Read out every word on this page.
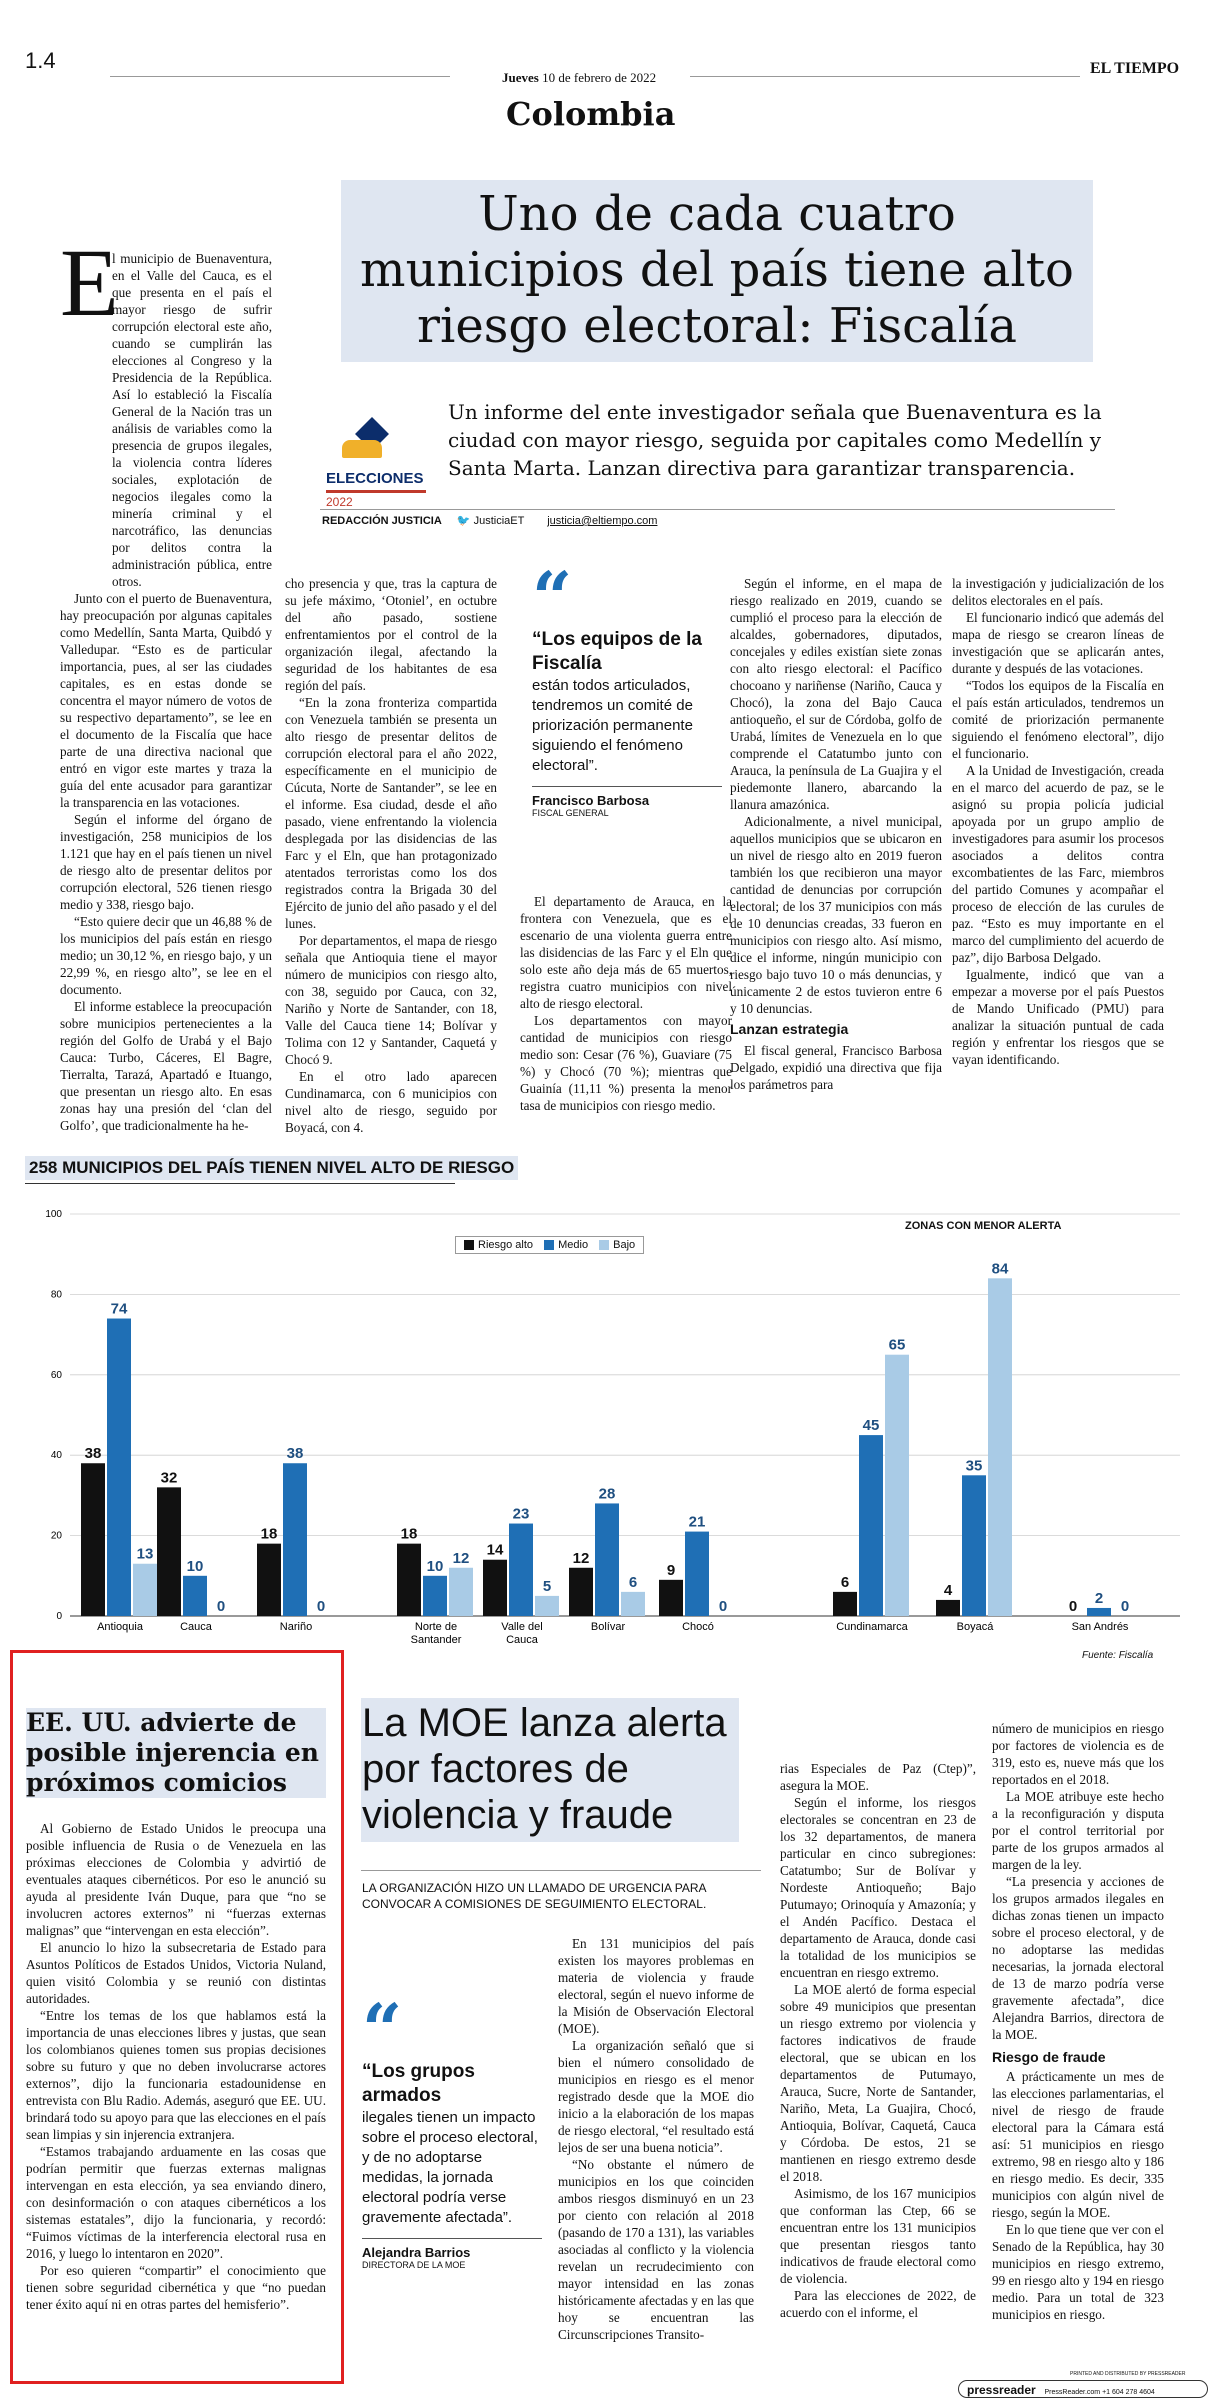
1.4
Jueves 10 de febrero de 2022
EL TIEMPO
Colombia
Uno de cada cuatro municipios del país tiene alto riesgo electoral: Fiscalía
E

l municipio de Buenaventura, en el Valle del Cauca, es el que presenta en el país el mayor riesgo de sufrir corrupción electoral este año, cuando se cumplirán las elecciones al Congreso y la Presidencia de la República. Así lo estableció la Fiscalía General de la Nación tras un análisis de variables como la presencia de grupos ilegales, la violencia contra líderes sociales, explotación de negocios ilegales como la minería criminal y el narcotráfico, las denuncias por delitos contra la administración pública, entre otros.

Junto con el puerto de Buenaventura, hay preocupación por algunas capitales como Medellín, Santa Marta, Quibdó y Valledupar. “Esto es de particular importancia, pues, al ser las ciudades capitales, es en estas donde se concentra el mayor número de votos de su respectivo departamento”, se lee en el documento de la Fiscalía que hace parte de una directiva nacional que entró en vigor este martes y traza la guía del ente acusador para garantizar la transparencia en las votaciones.

Según el informe del órgano de investigación, 258 municipios de los 1.121 que hay en el país tienen un nivel de riesgo alto de presentar delitos por corrupción electoral, 526 tienen riesgo medio y 338, riesgo bajo.

“Esto quiere decir que un 46,88 % de los municipios del país están en riesgo medio; un 30,12 %, en riesgo bajo, y un 22,99 %, en riesgo alto”, se lee en el documento.

El informe establece la preocupación sobre municipios pertenecientes a la región del Golfo de Urabá y el Bajo Cauca: Turbo, Cáceres, El Bagre, Tierralta, Tarazá, Apartadó e Ituango, que presentan un riesgo alto. En esas zonas hay una presión del ‘clan del Golfo’, que tradicionalmente ha he-

ELECCIONES
2022
Un informe del ente investigador señala que Buenaventura es la ciudad con mayor riesgo, seguida por capitales como Medellín y Santa Marta. Lanzan directiva para garantizar transparencia.
REDACCIÓN JUSTICIA 🐦 JusticiaET justicia@eltiempo.com

cho presencia y que, tras la captura de su jefe máximo, ‘Otoniel’, en octubre del año pasado, sostiene enfrentamientos por el control de la organización ilegal, afectando la seguridad de los habitantes de esa región del país.

“En la zona fronteriza compartida con Venezuela también se presenta un alto riesgo de presentar delitos de corrupción electoral para el año 2022, específicamente en el municipio de Cúcuta, Norte de Santander”, se lee en el informe. Esa ciudad, desde el año pasado, viene enfrentando la violencia desplegada por las disidencias de las Farc y el Eln, que han protagonizado atentados terroristas como los dos registrados contra la Brigada 30 del Ejército de junio del año pasado y el del lunes.

Por departamentos, el mapa de riesgo señala que Antioquia tiene el mayor número de municipios con riesgo alto, con 38, seguido por Cauca, con 32, Nariño y Norte de Santander, con 18, Valle del Cauca tiene 14; Bolívar y Tolima con 12 y Santander, Caquetá y Chocó 9.

En el otro lado aparecen Cundinamarca, con 6 municipios con nivel alto de riesgo, seguido por Boyacá, con 4.

“
“Los equipos de la Fiscalía
están todos articulados, tendremos un comité de priorización permanente siguiendo el fenómeno electoral”.
Francisco Barbosa
FISCAL GENERAL

El departamento de Arauca, en la frontera con Venezuela, que es el escenario de una violenta guerra entre las disidencias de las Farc y el Eln que solo este año deja más de 65 muertos, registra cuatro municipios con nivel alto de riesgo electoral.

Los departamentos con mayor cantidad de municipios con riesgo medio son: Cesar (76 %), Guaviare (75 %) y Chocó (70 %); mientras que Guainía (11,11 %) presenta la menor tasa de municipios con riesgo medio.

Según el informe, en el mapa de riesgo realizado en 2019, cuando se cumplió el proceso para la elección de alcaldes, gobernadores, diputados, concejales y ediles existían siete zonas con alto riesgo electoral: el Pacífico chocoano y nariñense (Nariño, Cauca y Chocó), la zona del Bajo Cauca antioqueño, el sur de Córdoba, golfo de Urabá, límites de Venezuela en lo que comprende el Catatumbo junto con Arauca, la península de La Guajira y el piedemonte llanero, abarcando la llanura amazónica.

Adicionalmente, a nivel municipal, aquellos municipios que se ubicaron en un nivel de riesgo alto en 2019 fueron también los que recibieron una mayor cantidad de denuncias por corrupción electoral; de los 37 municipios con más de 10 denuncias creadas, 33 fueron en municipios con riesgo alto. Así mismo, dice el informe, ningún municipio con riesgo bajo tuvo 10 o más denuncias, y únicamente 2 de estos tuvieron entre 6 y 10 denuncias.

Lanzan estrategia

El fiscal general, Francisco Barbosa Delgado, expidió una directiva que fija los parámetros para

la investigación y judicialización de los delitos electorales en el país.

El funcionario indicó que además del mapa de riesgo se crearon líneas de investigación que se aplicarán antes, durante y después de las votaciones.

“Todos los equipos de la Fiscalía en el país están articulados, tendremos un comité de priorización permanente siguiendo el fenómeno electoral”, dijo el funcionario.

A la Unidad de Investigación, creada en el marco del acuerdo de paz, se le asignó su propia policía judicial apoyada por un grupo amplio de investigadores para asumir los procesos asociados a delitos contra excombatientes de las Farc, miembros del partido Comunes y acompañar el proceso de elección de las curules de paz. “Esto es muy importante en el marco del cumplimiento del acuerdo de paz”, dijo Barbosa Delgado.

Igualmente, indicó que van a empezar a moverse por el país Puestos de Mando Unificado (PMU) para analizar la situación puntual de cada región y enfrentar los riesgos que se vayan identificando.

258 MUNICIPIOS DEL PAÍS TIENEN NIVEL ALTO DE RIESGO
ZONAS CON MENOR ALERTA
Riesgo alto Medio Bajo
0
20
40
60
80
100
38
74
13
Antioquia
32
10
0
Cauca
18
38
0
Nariño
18
10 12
Norte de
Santander
14
23
5
Valle del
Cauca
12
28
6
Bolívar
9
21
0
Chocó
6
45
65
Cundinamarca
4
35
84
Boyacá
0 2 0
San Andrés
Fuente: Fiscalía
EE. UU. advierte de posible injerencia en próximos comicios

Al Gobierno de Estado Unidos le preocupa una posible influencia de Rusia o de Venezuela en las próximas elecciones de Colombia y advirtió de eventuales ataques cibernéticos. Por eso le anunció su ayuda al presidente Iván Duque, para que “no se involucren actores externos” ni “fuerzas externas malignas” que “intervengan en esta elección”.

El anuncio lo hizo la subsecretaria de Estado para Asuntos Políticos de Estados Unidos, Victoria Nuland, quien visitó Colombia y se reunió con distintas autoridades.

“Entre los temas de los que hablamos está la importancia de unas elecciones libres y justas, que sean los colombianos quienes tomen sus propias decisiones sobre su futuro y que no deben involucrarse actores externos”, dijo la funcionaria estadounidense en entrevista con Blu Radio. Además, aseguró que EE. UU. brindará todo su apoyo para que las elecciones en el país sean limpias y sin injerencia extranjera.

“Estamos trabajando arduamente en las cosas que podrían permitir que fuerzas externas malignas intervengan en esta elección, ya sea enviando dinero, con desinformación o con ataques cibernéticos a los sistemas estatales”, dijo la funcionaria, y recordó: “Fuimos víctimas de la interferencia electoral rusa en 2016, y luego lo intentaron en 2020”.

Por eso quieren “compartir” el conocimiento que tienen sobre seguridad cibernética y que “no puedan tener éxito aquí ni en otras partes del hemisferio”.

La MOE lanza alerta por factores de violencia y fraude
LA ORGANIZACIÓN HIZO UN LLAMADO DE URGENCIA PARA CONVOCAR A COMISIONES DE SEGUIMIENTO ELECTORAL.
“
“Los grupos armados
ilegales tienen un impacto sobre el proceso electoral, y de no adoptarse medidas, la jornada electoral podría verse gravemente afectada”.
Alejandra Barrios
DIRECTORA DE LA MOE

En 131 municipios del país existen los mayores problemas en materia de violencia y fraude electoral, según el nuevo informe de la Misión de Observación Electoral (MOE).

La organización señaló que si bien el número consolidado de municipios en riesgo es el menor registrado desde que la MOE dio inicio a la elaboración de los mapas de riesgo electoral, “el resultado está lejos de ser una buena noticia”.

“No obstante el número de municipios en los que coinciden ambos riesgos disminuyó en un 23 por ciento con relación al 2018 (pasando de 170 a 131), las variables asociadas al conflicto y la violencia revelan un recrudecimiento con mayor intensidad en las zonas históricamente afectadas y en las que hoy se encuentran las Circunscripciones Transito-

rias Especiales de Paz (Ctep)”, asegura la MOE.

Según el informe, los riesgos electorales se concentran en 23 de los 32 departamentos, de manera particular en cinco subregiones: Catatumbo; Sur de Bolívar y Nordeste Antioqueño; Bajo Putumayo; Orinoquía y Amazonía; y el Andén Pacífico. Destaca el departamento de Arauca, donde casi la totalidad de los municipios se encuentran en riesgo extremo.

La MOE alertó de forma especial sobre 49 municipios que presentan un riesgo extremo por violencia y factores indicativos de fraude electoral, que se ubican en los departamentos de Putumayo, Arauca, Sucre, Norte de Santander, Nariño, Meta, La Guajira, Chocó, Antioquia, Bolívar, Caquetá, Cauca y Córdoba. De estos, 21 se mantienen en riesgo extremo desde el 2018.

Asimismo, de los 167 municipios que conforman las Ctep, 66 se encuentran entre los 131 municipios que presentan riesgos tanto indicativos de fraude electoral como de violencia.

Para las elecciones de 2022, de acuerdo con el informe, el

número de municipios en riesgo por factores de violencia es de 319, esto es, nueve más que los reportados en el 2018.

La MOE atribuye este hecho a la reconfiguración y disputa por el control territorial por parte de los grupos armados al margen de la ley.

“La presencia y acciones de los grupos armados ilegales en dichas zonas tienen un impacto sobre el proceso electoral, y de no adoptarse las medidas necesarias, la jornada electoral de 13 de marzo podría verse gravemente afectada”, dice Alejandra Barrios, directora de la MOE.

Riesgo de fraude

A prácticamente un mes de las elecciones parlamentarias, el nivel de riesgo de fraude electoral para la Cámara está así: 51 municipios en riesgo extremo, 98 en riesgo alto y 186 en riesgo medio. Es decir, 335 municipios con algún nivel de riesgo, según la MOE.

En lo que tiene que ver con el Senado de la República, hay 30 municipios en riesgo extremo, 99 en riesgo alto y 194 en riesgo medio. Para un total de 323 municipios en riesgo.

pressreader PressReader.com +1 604 278 4604
PRINTED AND DISTRIBUTED BY PRESSREADER
